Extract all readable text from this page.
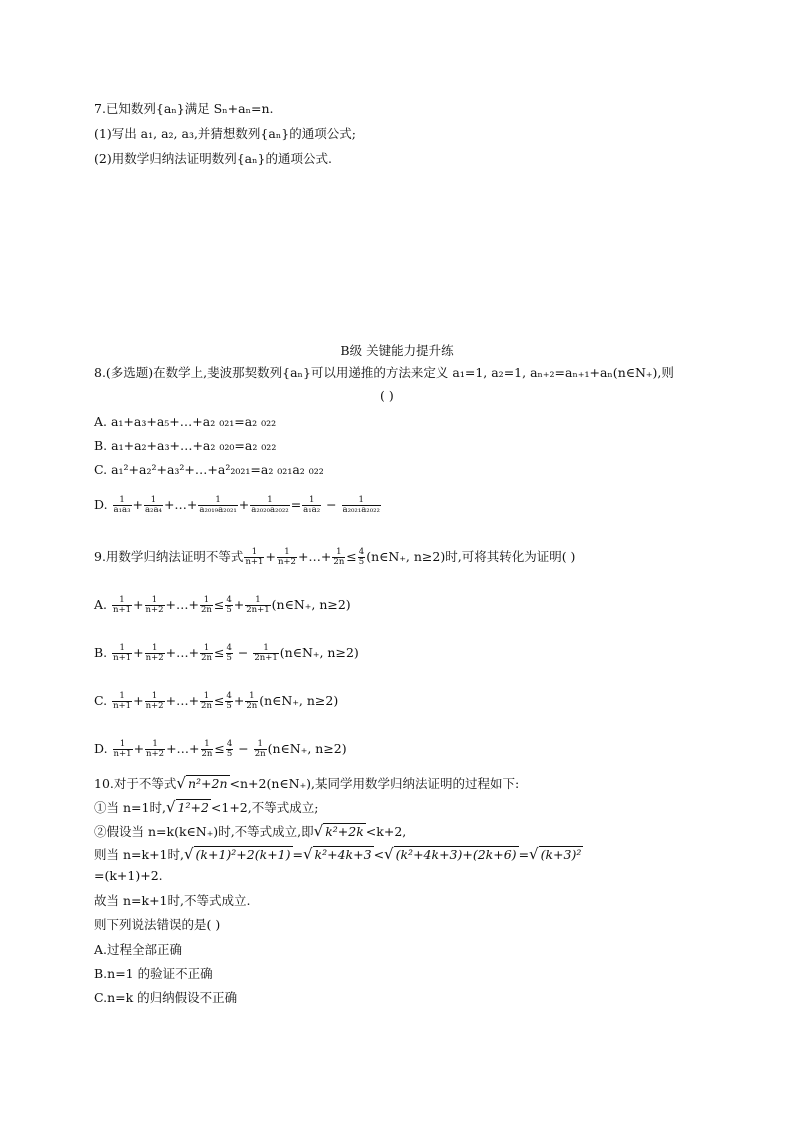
7.已知数列{aₙ}满足 Sₙ+aₙ=n.
(1)写出 a₁, a₂, a₃,并猜想数列{aₙ}的通项公式;
(2)用数学归纳法证明数列{aₙ}的通项公式.
B级 关键能力提升练
8.(多选题)在数学上,斐波那契数列{aₙ}可以用递推的方法来定义 a₁=1, a₂=1, aₙ₊₂=aₙ₊₁+aₙ(n∈N₊),则
( )
A. a₁+a₃+a₅+…+a₂ ₀₂₁=a₂ ₀₂₂
B. a₁+a₂+a₃+…+a₂ ₀₂₀=a₂ ₀₂₂
C. a₁²+a₂²+a₃²+…+a²₂₀₂₁=a₂ ₀₂₁a₂ ₀₂₂
D. $\frac{1}{\text{a₁a₃}} + \frac{1}{\text{a₂a₄}}$ +…+ $\frac{1}{\text{a₂₀₁₉a₂₀₂₁}} + \frac{1}{\text{a₂₀₂₀a₂₀₂₂}} = \frac{1}{\text{a₁a₂}} - \frac{1}{\text{a₂₀₂₁a₂₀₂₂}}$
9.用数学归纳法证明不等式 $\frac{1}{n+1} + \frac{1}{n+2}$ +…+ $\frac{1}{2n} \le \frac{4}{5}$ (n∈N₊, n≥2)时,可将其转化为证明( )
A. $\frac{1}{n+1} + \frac{1}{n+2}$ +…+ $\frac{1}{2n} \le \frac{4}{5} + \frac{1}{2n+1}$ (n∈N₊, n≥2)
B. $\frac{1}{n+1} + \frac{1}{n+2}$ +…+ $\frac{1}{2n} \le \frac{4}{5} - \frac{1}{2n+1}$ (n∈N₊, n≥2)
C. $\frac{1}{n+1} + \frac{1}{n+2}$ +…+ $\frac{1}{2n} \le \frac{4}{5} + \frac{1}{2n}$ (n∈N₊, n≥2)
D. $\frac{1}{n+1} + \frac{1}{n+2}$ +…+ $\frac{1}{2n} \le \frac{4}{5} - \frac{1}{2n}$ (n∈N₊, n≥2)
10.对于不等式√ n²+2n <n+2(n∈N₊),某同学用数学归纳法证明的过程如下:
①当 n=1时,√ 1²+2 <1+2,不等式成立;
②假设当 n=k(k∈N₊)时,不等式成立,即√ k²+2k <k+2,
则当 n=k+1时,√ (k+1)²+2(k+1) =√ k²+4k+3 <√ (k²+4k+3)+(2k+6) =√ (k+3)²
=(k+1)+2.
故当 n=k+1时,不等式成立.
则下列说法错误的是( )
A.过程全部正确
B.n=1 的验证不正确
C.n=k 的归纳假设不正确
